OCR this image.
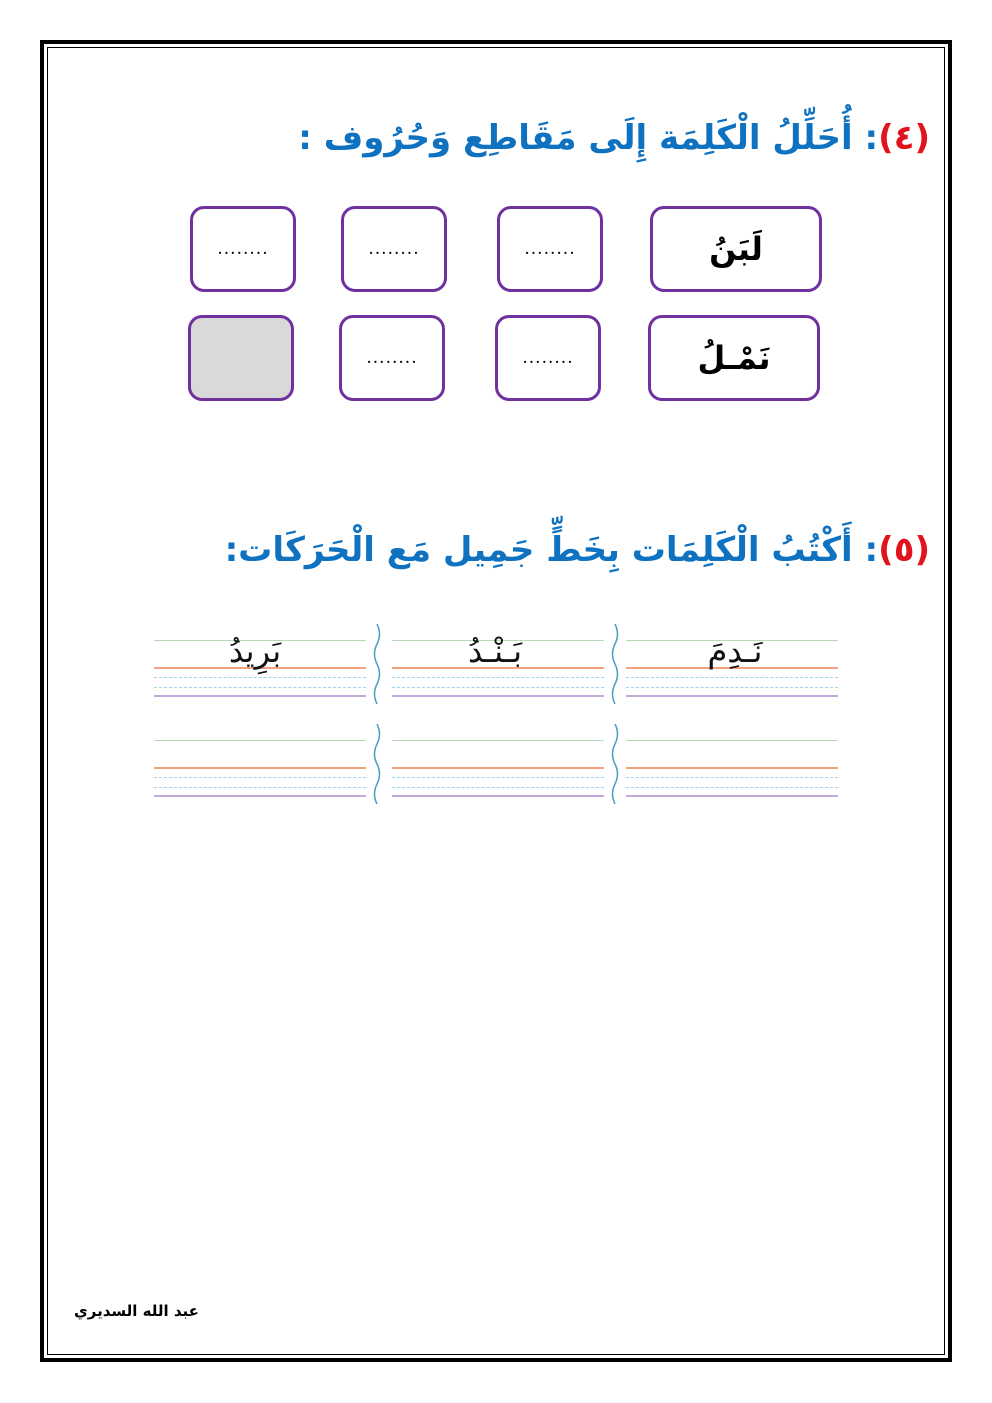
(٤): أُحَلِّلُ الْكَلِمَة إِلَى مَقَاطِع وَحُرُوف :
لَبَنُ
........
........
........
نَمْـلُ
........
........
(٥): أَكْتُبُ الْكَلِمَات بِخَطٍّ جَمِيل مَع الْحَرَكَات:
نَـدِمَ
بَـنْـدُ
بَرِيدُ
عبد الله السديري
